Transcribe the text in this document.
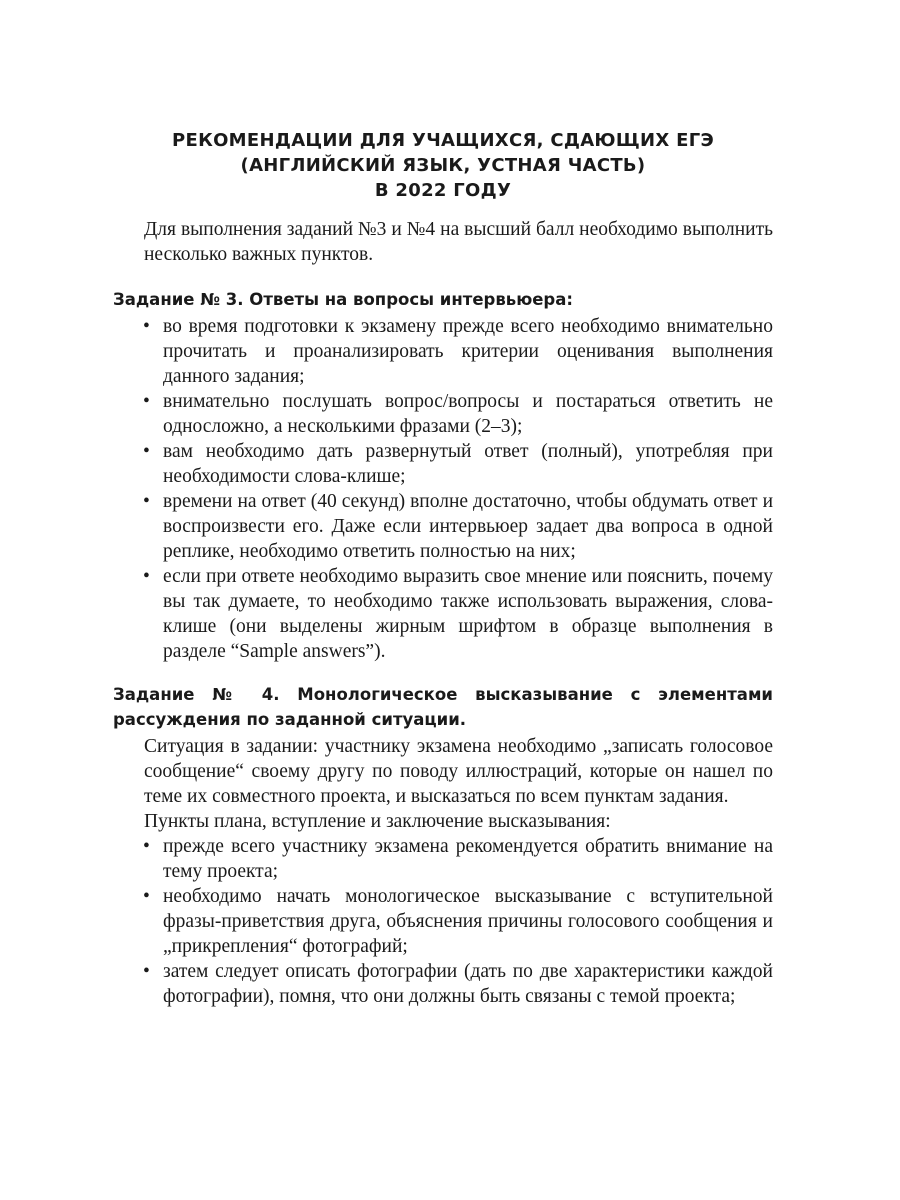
РЕКОМЕНДАЦИИ ДЛЯ УЧАЩИХСЯ, СДАЮЩИХ ЕГЭ
(АНГЛИЙСКИЙ ЯЗЫК, УСТНАЯ ЧАСТЬ)
В 2022 ГОДУ

Для выполнения заданий №3 и №4 на высший балл необходимо выполнить несколько важных пунктов.

Задание № 3. Ответы на вопросы интервьюера:
• во время подготовки к экзамену прежде всего необходимо внимательно прочитать и проанализировать критерии оценивания выполнения данного задания;
• внимательно послушать вопрос/вопросы и постараться ответить не односложно, а несколькими фразами (2–3);
• вам необходимо дать развернутый ответ (полный), употребляя при необходимости слова-клише;
• времени на ответ (40 секунд) вполне достаточно, чтобы обдумать ответ и воспроизвести его. Даже если интервьюер задает два вопроса в одной реплике, необходимо ответить полностью на них;
• если при ответе необходимо выразить свое мнение или пояснить, почему вы так думаете, то необходимо также использовать выражения, слова-клише (они выделены жирным шрифтом в образце выполнения в разделе “Sample answers”).
Задание № 4. Монологическое высказывание с элементами рассуждения по заданной ситуации.

Ситуация в задании: участнику экзамена необходимо „записать голосовое сообщение“ своему другу по поводу иллюстраций, которые он нашел по теме их совместного проекта, и высказаться по всем пунктам задания.

Пункты плана, вступление и заключение высказывания:

• прежде всего участнику экзамена рекомендуется обратить внимание на тему проекта;
• необходимо начать монологическое высказывание с вступительной фразы-приветствия друга, объяснения причины голосового сообщения и „прикрепления“ фотографий;
• затем следует описать фотографии (дать по две характеристики каждой фотографии), помня, что они должны быть связаны с темой проекта;
